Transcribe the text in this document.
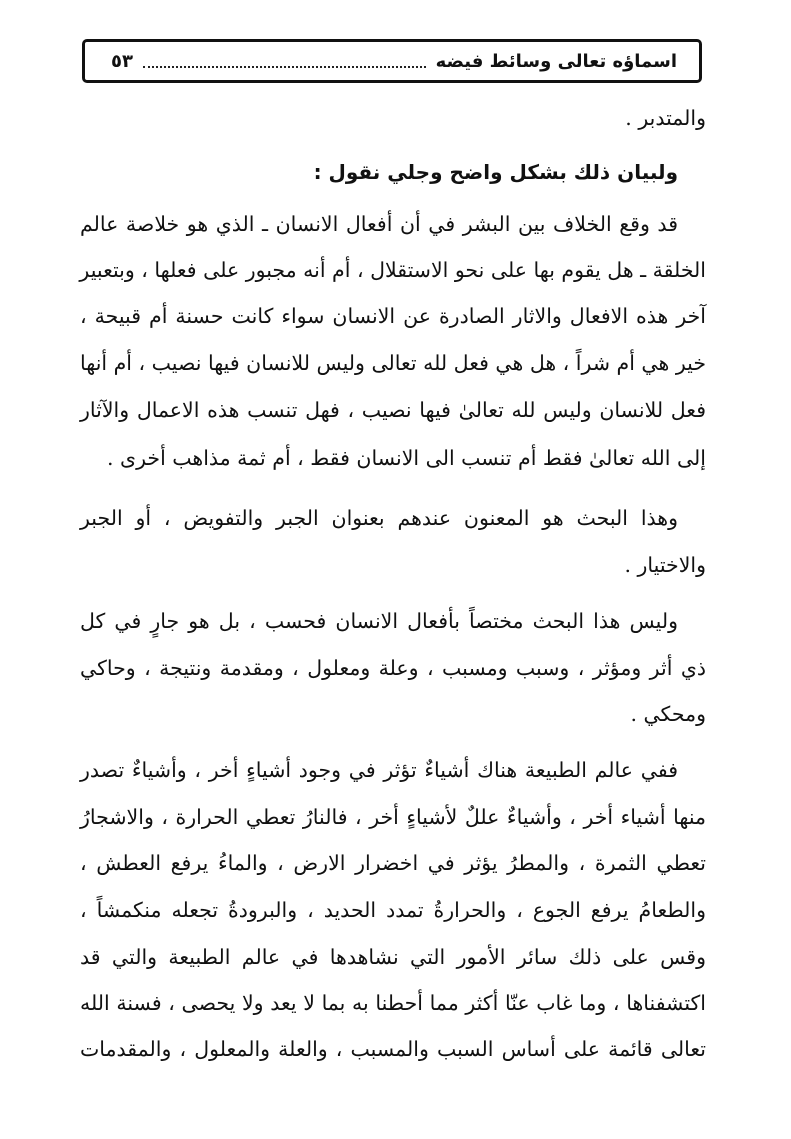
اسماؤه تعالى وسائط فيضه
٥٣
والمتدبر .
ولبيان ذلك بشكل واضح وجلي نقول :
قد وقع الخلاف بين البشر في أن أفعال الانسان ـ الذي هو خلاصة عالم
الخلقة ـ هل يقوم بها على نحو الاستقلال ، أم أنه مجبور على فعلها ، وبتعبير
آخر هذه الافعال والاثار الصادرة عن الانسان سواء كانت حسنة أم قبيحة ،
خير هي أم شراً ، هل هي فعل لله تعالى وليس للانسان فيها نصيب ، أم أنها
فعل للانسان وليس لله تعالىٰ فيها نصيب ، فهل تنسب هذه الاعمال والآثار
إلى الله تعالىٰ فقط أم تنسب الى الانسان فقط ، أم ثمة مذاهب أخرى .
وهذا البحث هو المعنون عندهم بعنوان الجبر والتفويض ، أو الجبر
والاختيار .
وليس هذا البحث مختصاً بأفعال الانسان فحسب ، بل هو جارٍ في كل
ذي أثر ومؤثر ، وسبب ومسبب ، وعلة ومعلول ، ومقدمة ونتيجة ، وحاكي
ومحكي .
ففي عالم الطبيعة هناك أشياءٌ تؤثر في وجود أشياءٍ أخر ، وأشياءٌ تصدر
منها أشياء أخر ، وأشياءٌ عللٌ لأشياءٍ أخر ، فالنارُ تعطي الحرارة ، والاشجارُ
تعطي الثمرة ، والمطرُ يؤثر في اخضرار الارض ، والماءُ يرفع العطش ،
والطعامُ يرفع الجوع ، والحرارةُ تمدد الحديد ، والبرودةُ تجعله منكمشاً ،
وقس على ذلك سائر الأمور التي نشاهدها في عالم الطبيعة والتي قد
اكتشفناها ، وما غاب عنّا أكثر مما أحطنا به بما لا يعد ولا يحصى ، فسنة الله
تعالى قائمة على أساس السبب والمسبب ، والعلة والمعلول ، والمقدمات
